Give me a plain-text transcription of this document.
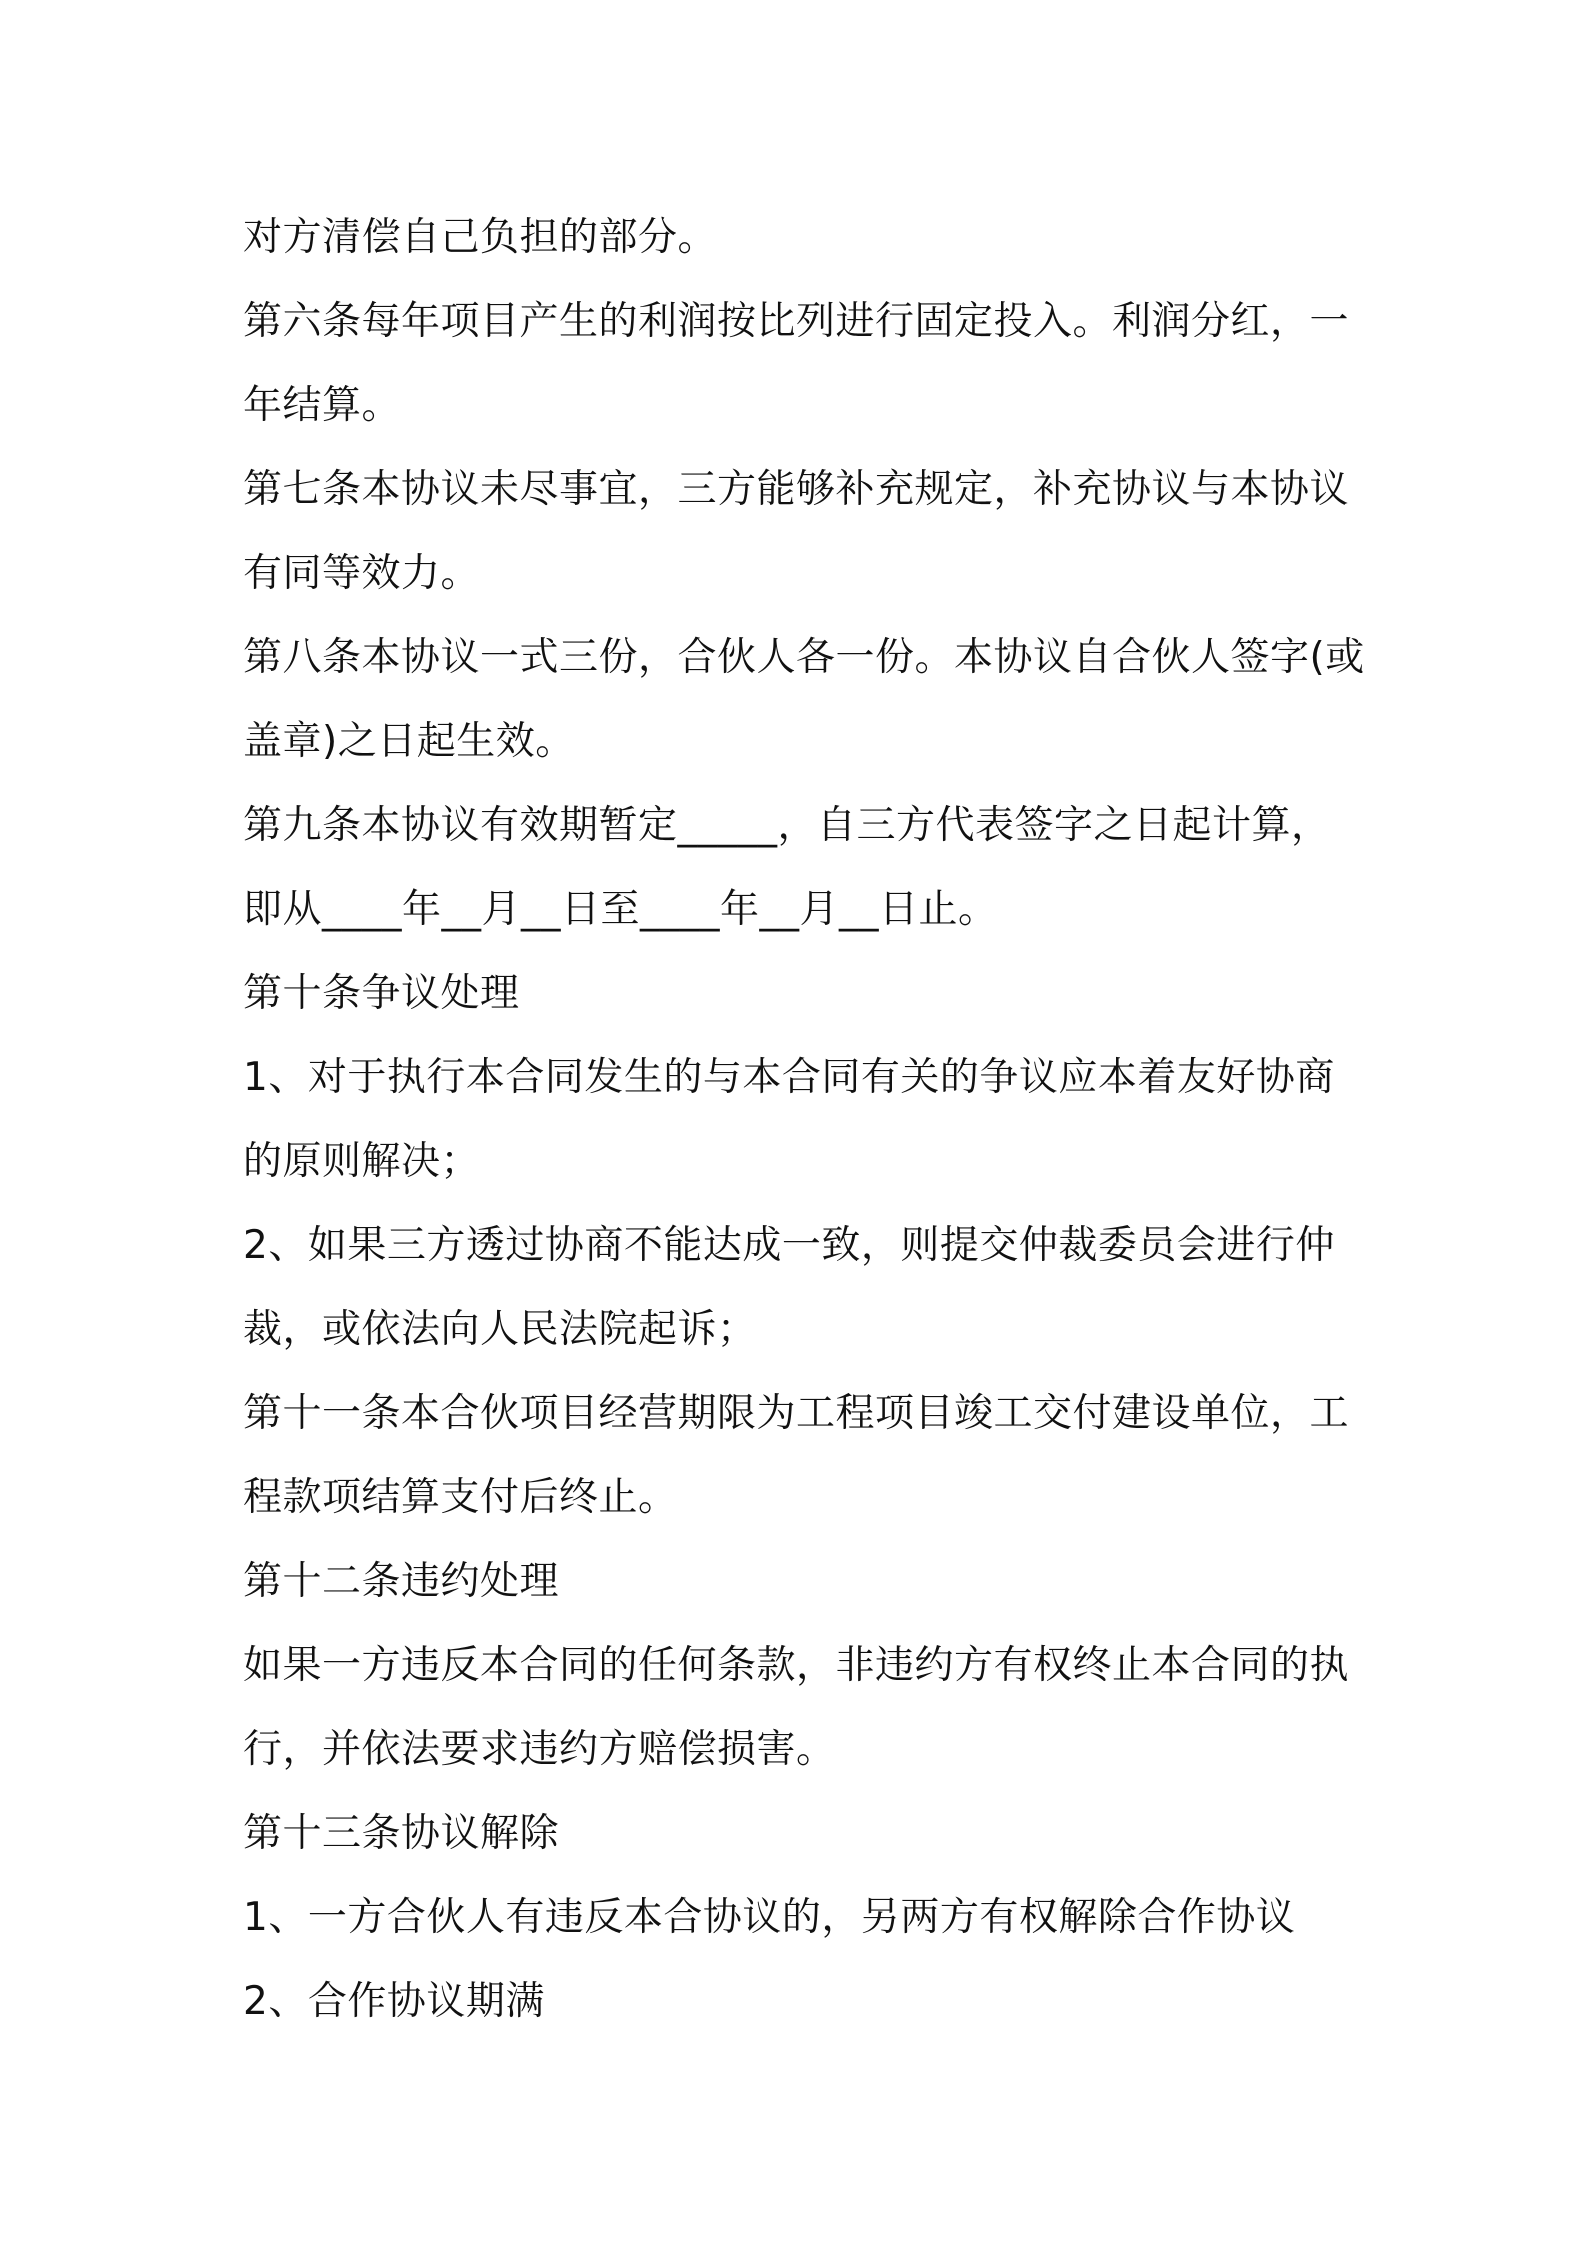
对方清偿自己负担的部分。
第六条每年项目产生的利润按比列进行固定投入。利润分红，一
年结算。
第七条本协议未尽事宜，三方能够补充规定，补充协议与本协议
有同等效力。
第八条本协议一式三份，合伙人各一份。本协议自合伙人签字(或
盖章)之日起生效。
第九条本协议有效期暂定_____，自三方代表签字之日起计算，
即从____年__月__日至____年__月__日止。
第十条争议处理
1、对于执行本合同发生的与本合同有关的争议应本着友好协商
的原则解决；
2、如果三方透过协商不能达成一致，则提交仲裁委员会进行仲
裁，或依法向人民法院起诉；
第十一条本合伙项目经营期限为工程项目竣工交付建设单位，工
程款项结算支付后终止。
第十二条违约处理
如果一方违反本合同的任何条款，非违约方有权终止本合同的执
行，并依法要求违约方赔偿损害。
第十三条协议解除
1、一方合伙人有违反本合协议的，另两方有权解除合作协议
2、合作协议期满
